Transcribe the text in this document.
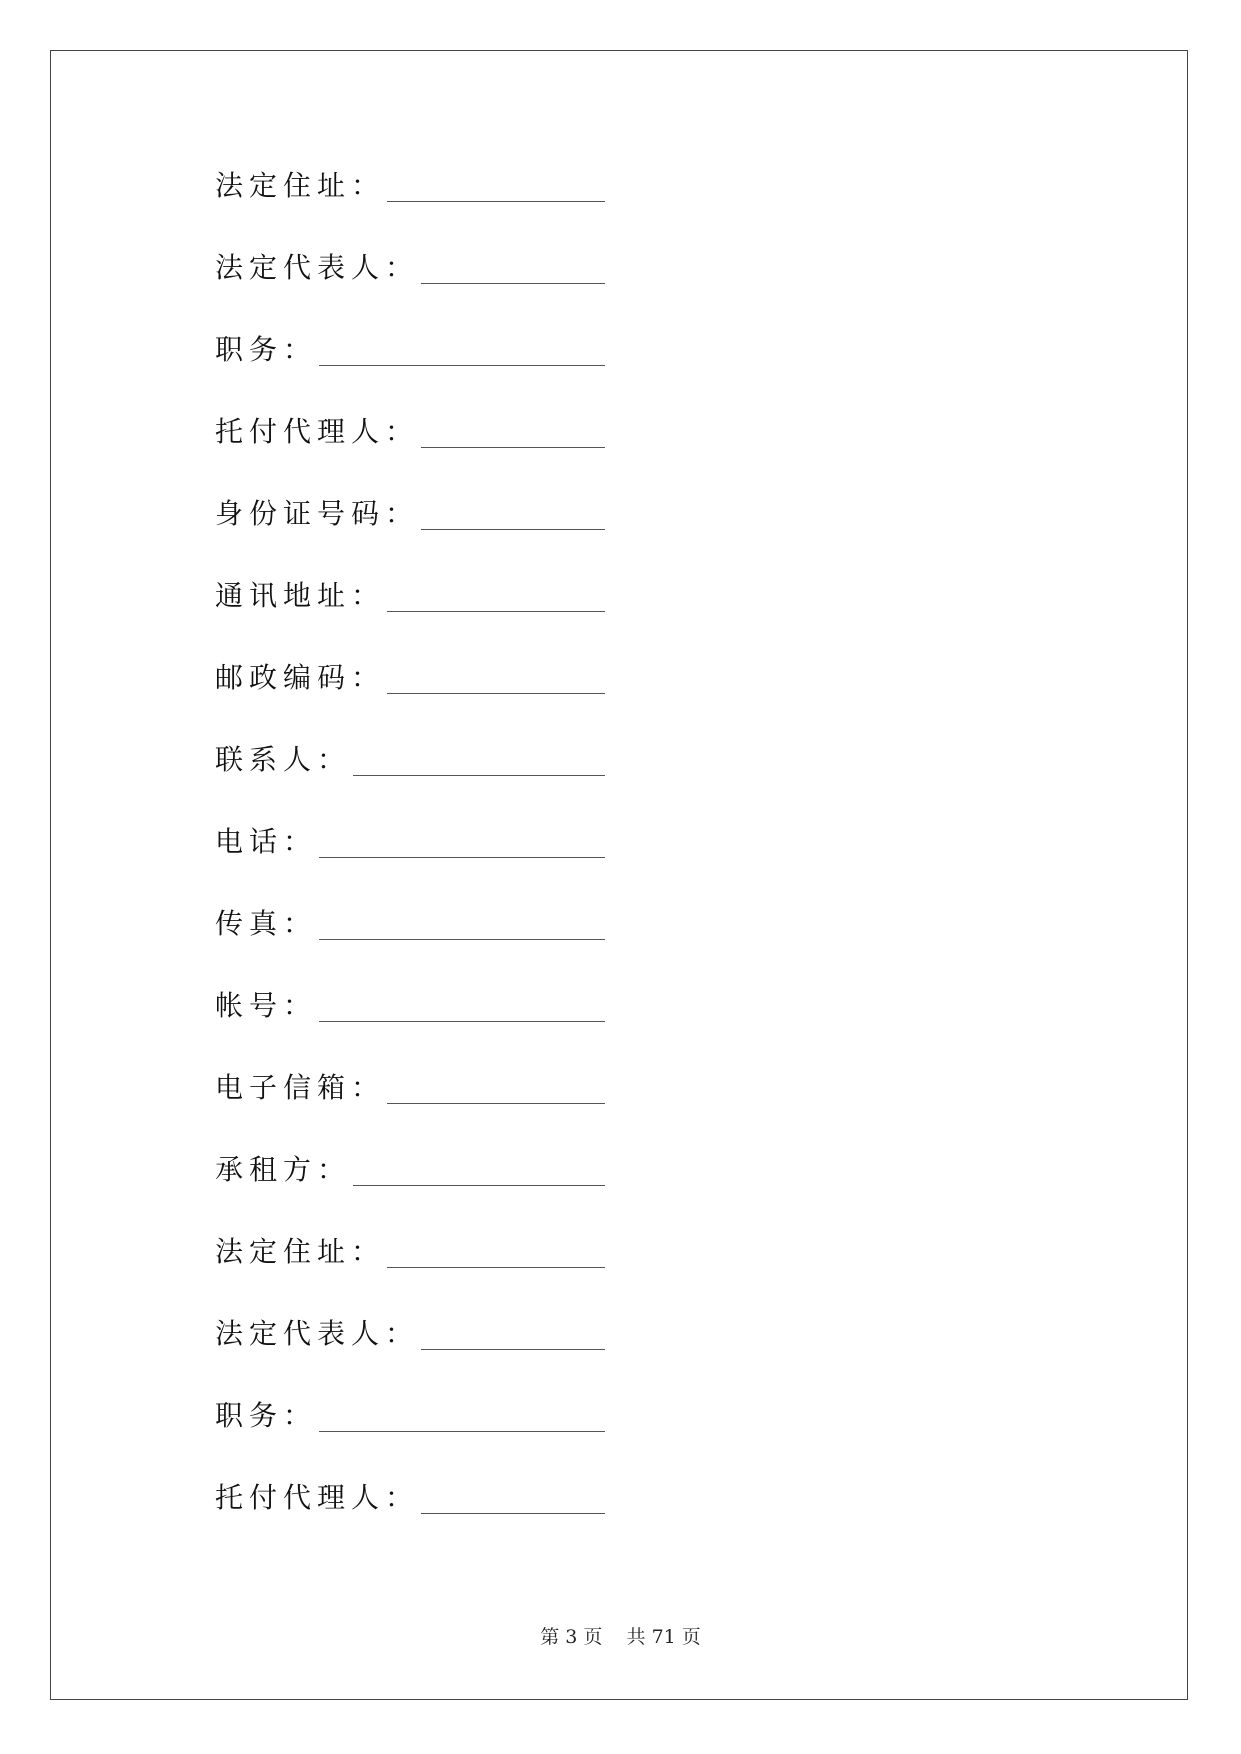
法定住址：
法定代表人：
职务：
托付代理人：
身份证号码：
通讯地址：
邮政编码：
联系人：
电话：
传真：
帐号：
电子信箱：
承租方：
法定住址：
法定代表人：
职务：
托付代理人：
第 3 页    共 71 页
